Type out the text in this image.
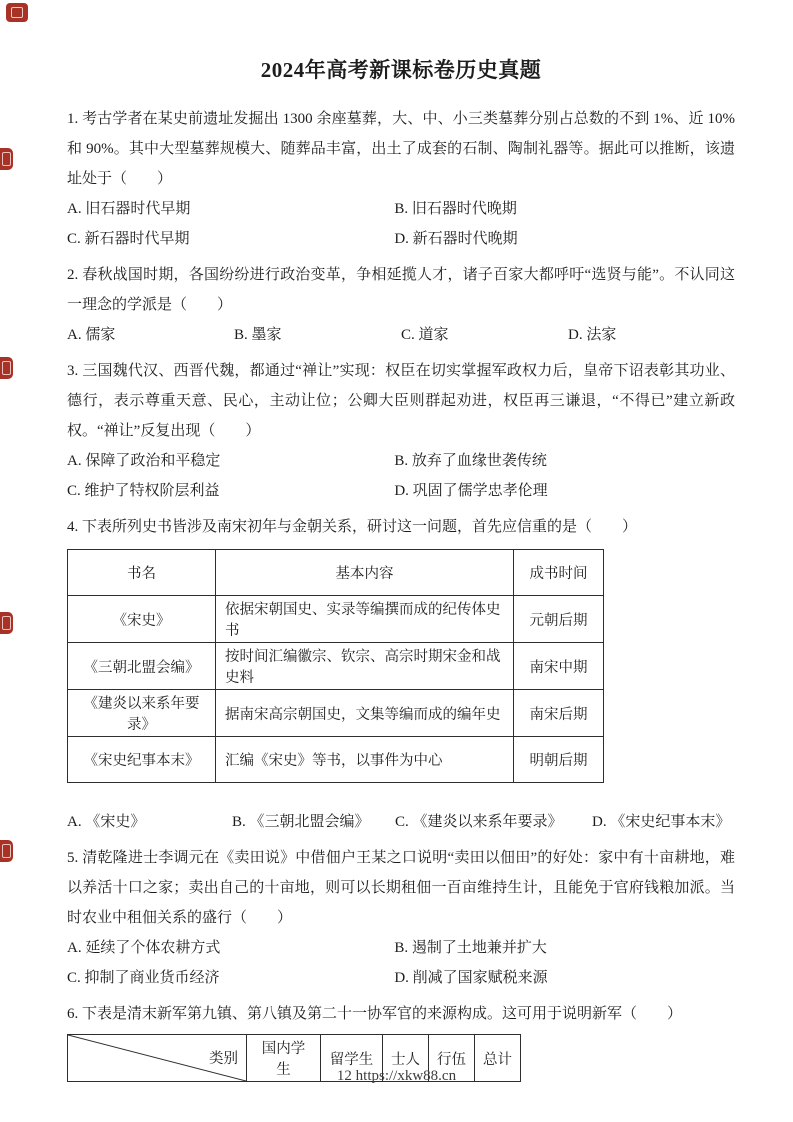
2024年高考新课标卷历史真题

1. 考古学者在某史前遗址发掘出 1300 余座墓葬，大、中、小三类墓葬分别占总数的不到 1%、近 10%和 90%。其中大型墓葬规模大、随葬品丰富，出土了成套的石制、陶制礼器等。据此可以推断，该遗址处于（　　）

A. 旧石器时代早期	B. 旧石器时代晚期
C. 新石器时代早期	D. 新石器时代晚期

2. 春秋战国时期，各国纷纷进行政治变革，争相延揽人才，诸子百家大都呼吁“选贤与能”。不认同这一理念的学派是（　　）

A. 儒家	B. 墨家	C. 道家	D. 法家

3. 三国魏代汉、西晋代魏，都通过“禅让”实现：权臣在切实掌握军政权力后，皇帝下诏表彰其功业、德行，表示尊重天意、民心，主动让位；公卿大臣则群起劝进，权臣再三谦退，“不得已”建立新政权。“禅让”反复出现（　　）

A. 保障了政治和平稳定	B. 放弃了血缘世袭传统
C. 维护了特权阶层利益	D. 巩固了儒学忠孝伦理

4. 下表所列史书皆涉及南宋初年与金朝关系，研讨这一问题，首先应信重的是（　　）

书名	基本内容	成书时间
《宋史》	依据宋朝国史、实录等编撰而成的纪传体史书	元朝后期
《三朝北盟会编》	按时间汇编徽宗、钦宗、高宗时期宋金和战史料	南宋中期
《建炎以来系年要录》	据南宋高宗朝国史，文集等编而成的编年史	南宋后期
《宋史纪事本末》	汇编《宋史》等书，以事件为中心	明朝后期
A. 《宋史》	B. 《三朝北盟会编》	C. 《建炎以来系年要录》	D. 《宋史纪事本末》

5. 清乾隆进士李调元在《卖田说》中借佃户王某之口说明“卖田以佃田”的好处：家中有十亩耕地，难以养活十口之家；卖出自己的十亩地，则可以长期租佃一百亩维持生计，且能免于官府钱粮加派。当时农业中租佃关系的盛行（　　）

A. 延续了个体农耕方式	B. 遏制了土地兼并扩大
C. 抑制了商业货币经济	D. 削减了国家赋税来源

6. 下表是清末新军第九镇、第八镇及第二十一协军官的来源构成。这可用于说明新军（　　）

类别
	国内学生	留学生	士人	行伍	总计
12 https://xkw88.cn
